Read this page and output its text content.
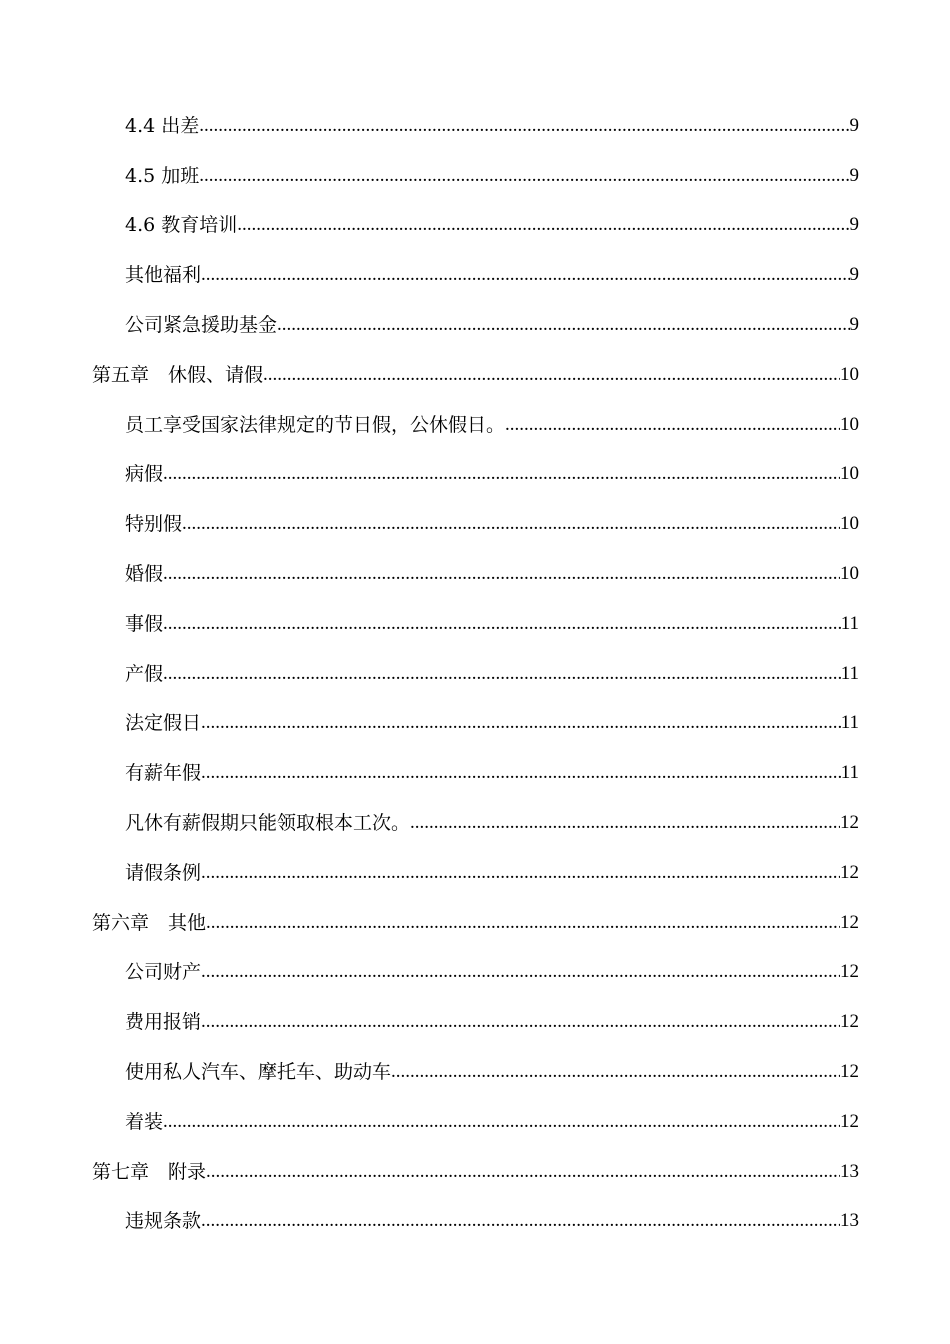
4.4 出差 .....	9
4.5 加班 .....	9
4.6 教育培训 .....	9
其他福利 .....	9
公司紧急援助基金 .....	9
第五章　休假、请假 .....	10
员工享受国家法律规定的节日假，公休假日。 .....	10
病假 .....	10
特别假 .....	10
婚假 .....	10
事假 .....	11
产假 .....	11
法定假日 .....	11
有薪年假 .....	11
凡休有薪假期只能领取根本工次。 .....	12
请假条例 .....	12
第六章　其他 .....	12
公司财产 .....	12
费用报销 .....	12
使用私人汽车、摩托车、助动车 .....	12
着装 .....	12
第七章　附录 .....	13
违规条款 .....	13
